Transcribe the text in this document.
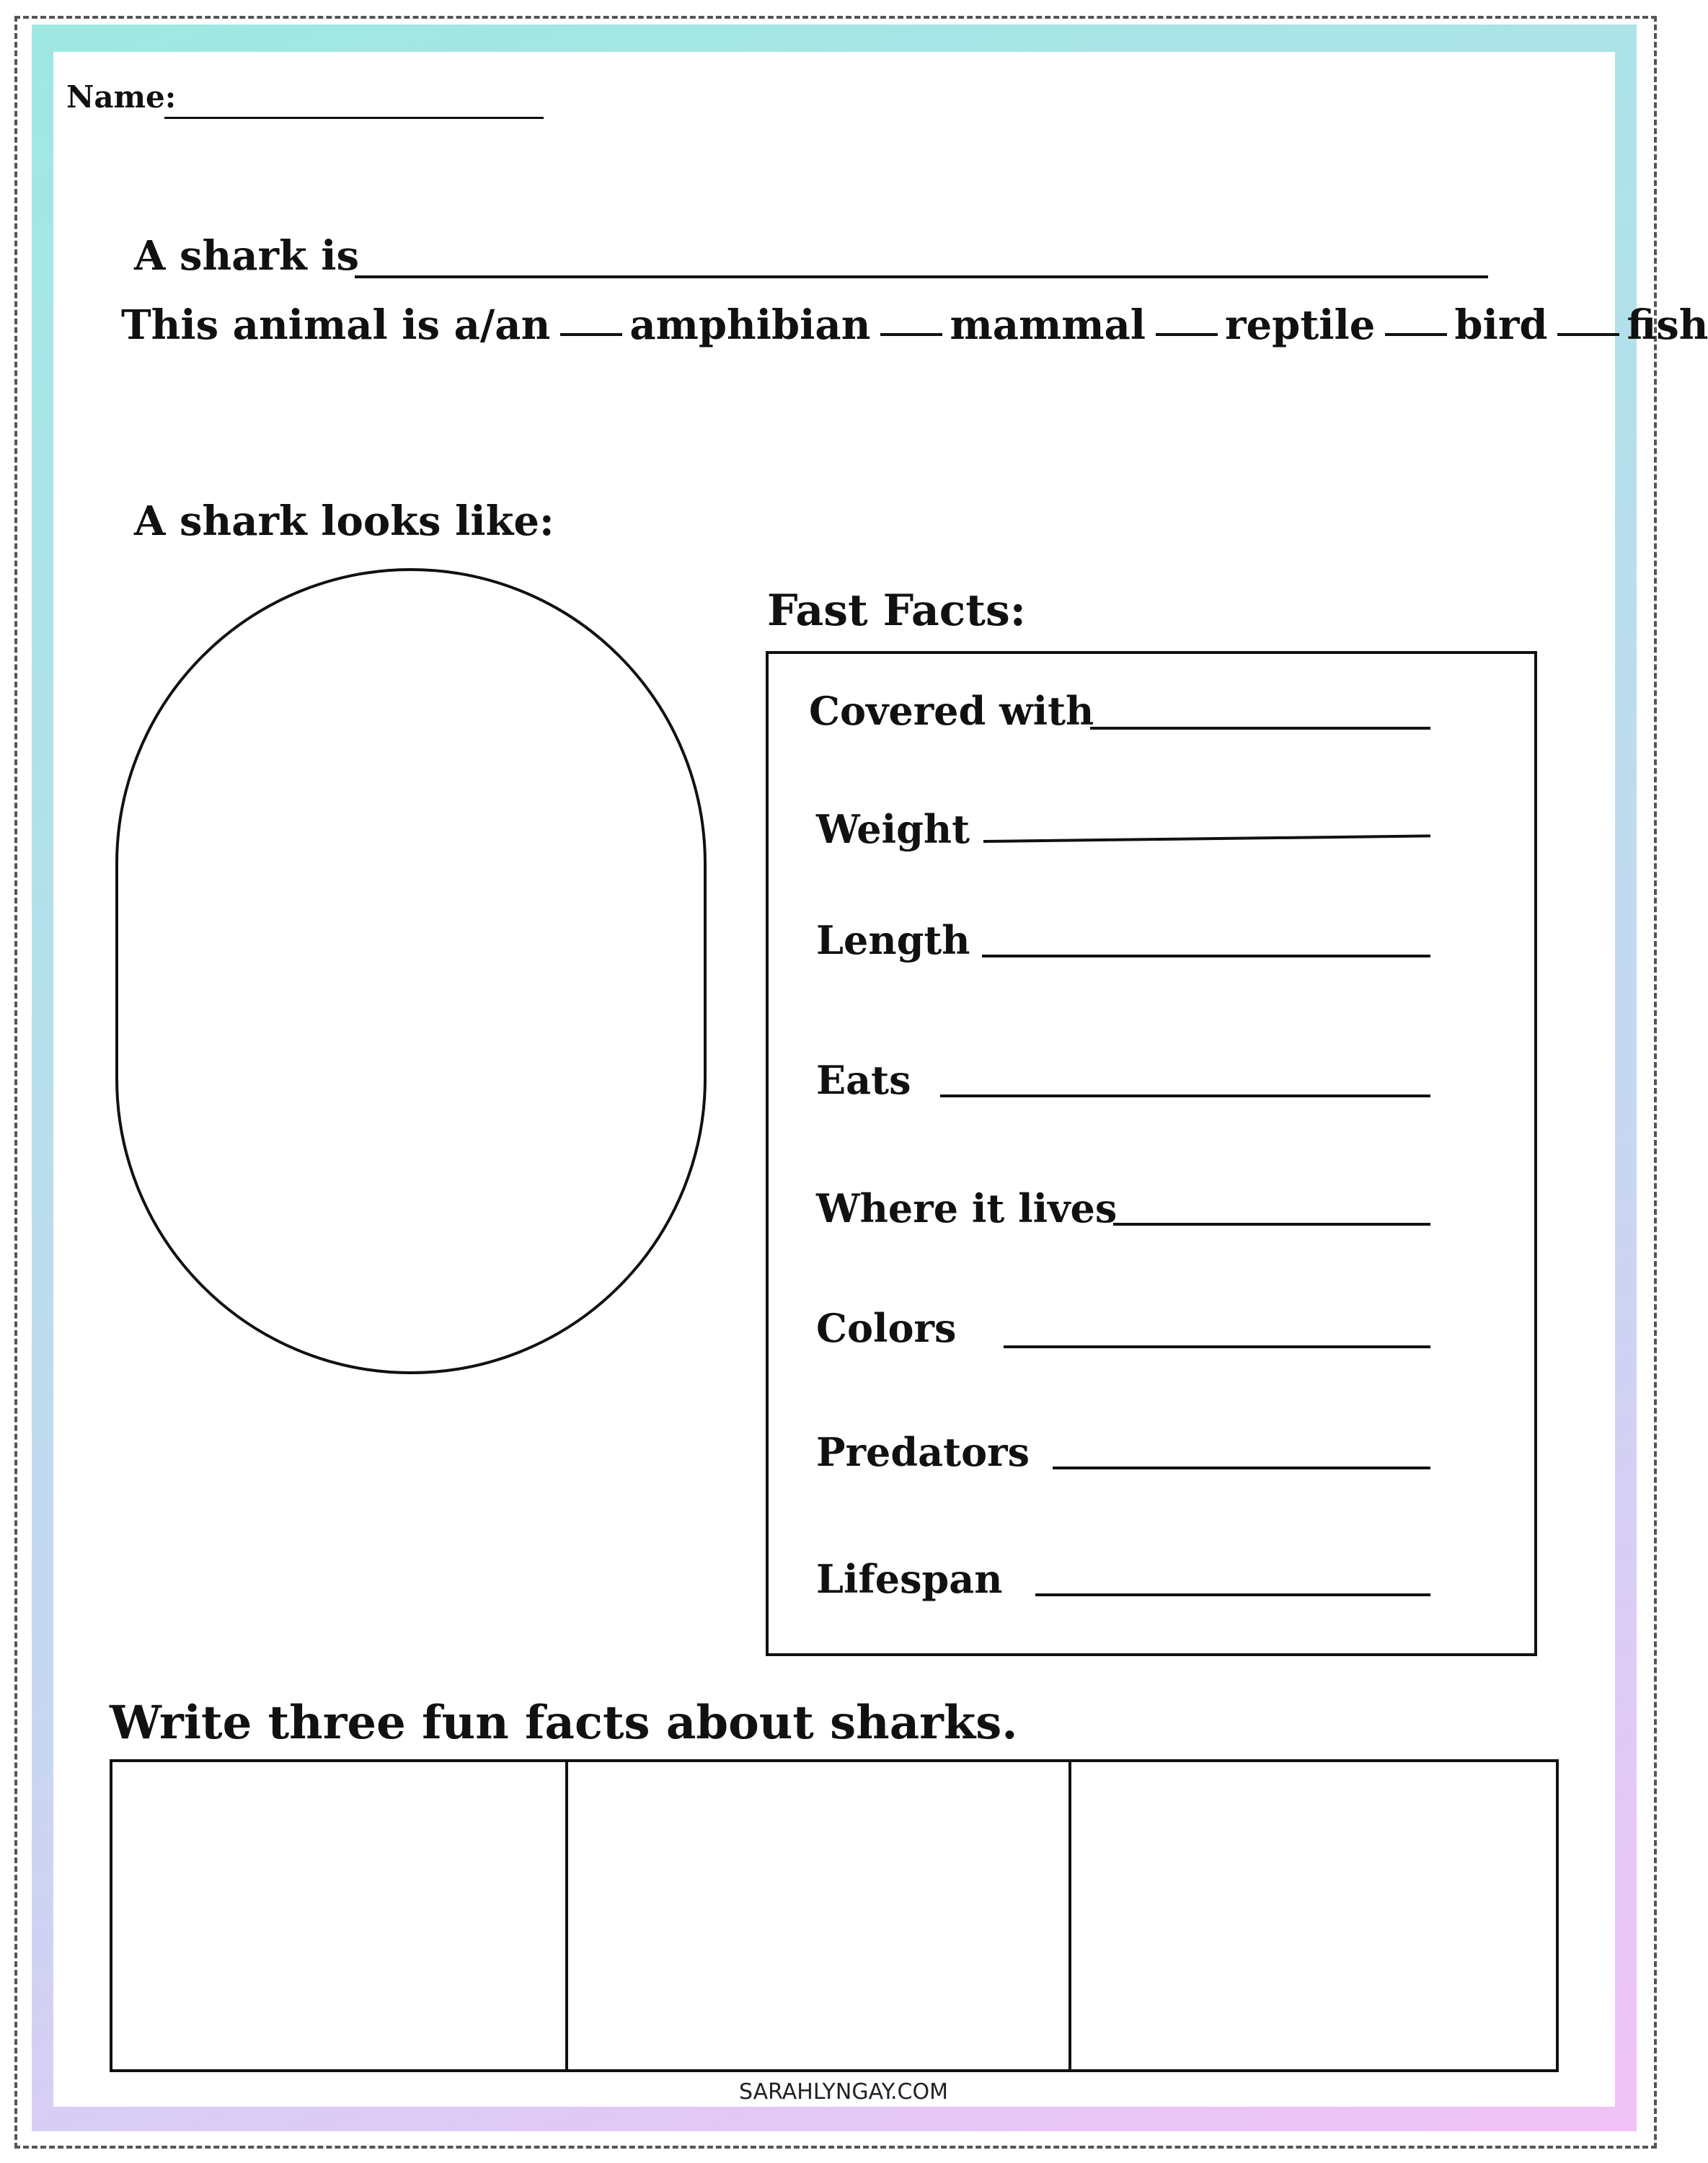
Name:
A shark is
This animal is a/an amphibian mammal reptile bird fish
A shark looks like:
Fast Facts:
Covered with
Weight
Length
Eats
Where it lives
Colors
Predators
Lifespan
Write three fun facts about sharks.
SARAHLYNGAY.COM
